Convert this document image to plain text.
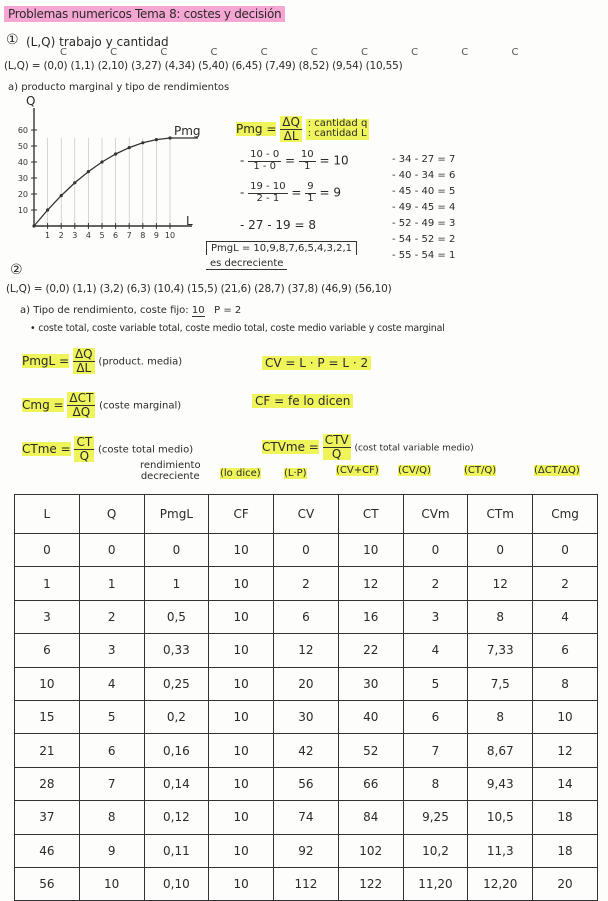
Problemas numericos Tema 8: costes y decisión
① (L,Q) trabajo y cantidad
C C C C C C C C C C
(L,Q) = (0,0) (1,1) (2,10) (3,27) (4,34) (5,40) (6,45) (7,49) (8,52) (9,54) (10,55)
a) producto marginal y tipo de rendimientos
60
50
40
30
20
10
1 2 3 4 5 6 7 8 9 10
Q
Pmg
L
Pmg = $\frac{\Delta Q}{\Delta L}$
: cantidad q
: cantidad L
- $\frac{10 - 0}{1 - 0} = \frac{10}{1} = 10$
- $\frac{19 - 10}{2 - 1} = \frac{9}{1} = 9$
- 27 - 19 = 8
- 34 - 27 = 7
- 40 - 34 = 6
- 45 - 40 = 5
- 49 - 45 = 4
- 52 - 49 = 3
- 54 - 52 = 2
- 55 - 54 = 1
PmgL = 10,9,8,7,6,5,4,3,2,1
es decreciente
②
(L,Q) = (0,0) (1,1) (3,2) (6,3) (10,4) (15,5) (21,6) (28,7) (37,8) (46,9) (56,10)
a) Tipo de rendimiento, coste fijo: 10 P = 2
• coste total, coste variable total, coste medio total, coste medio variable y coste marginal
PmgL = $\frac{\Delta Q}{\Delta L}$ (product. media)	CV = L · P = L · 2
Cmg = $\frac{\text{ΔCT}}{\Delta Q}$ (coste marginal)	CF = fe lo dicen
CTme = $\frac{CT}{Q}$ (coste total medio)	CTVme = $\frac{\text{CTV}}{Q} (\cos t$ total variable medio)
rendimiento
decreciente (lo dice) (L·P)	(CV+CF) (CV/Q)	(CT/Q)	(ΔCT/ΔQ)
L	Q	PmgL	CF	CV	CT	CVm	CTm	Cmg
0	0	0	10	0	10	0	0	0
1	1	1	10	2	12	2	12	2
3	2	0,5	10	6	16	3	8	4
6	3	0,33	10	12	22	4	7,33	6
10	4	0,25	10	20	30	5	7,5	8
15	5	0,2	10	30	40	6	8	10
21	6	0,16	10	42	52	7	8,67	12
28	7	0,14	10	56	66	8	9,43	14
37	8	0,12	10	74	84	9,25	10,5	18
46	9	0,11	10	92	102	10,2	11,3	18
56	10	0,10	10	112	122	11,20	12,20	20
